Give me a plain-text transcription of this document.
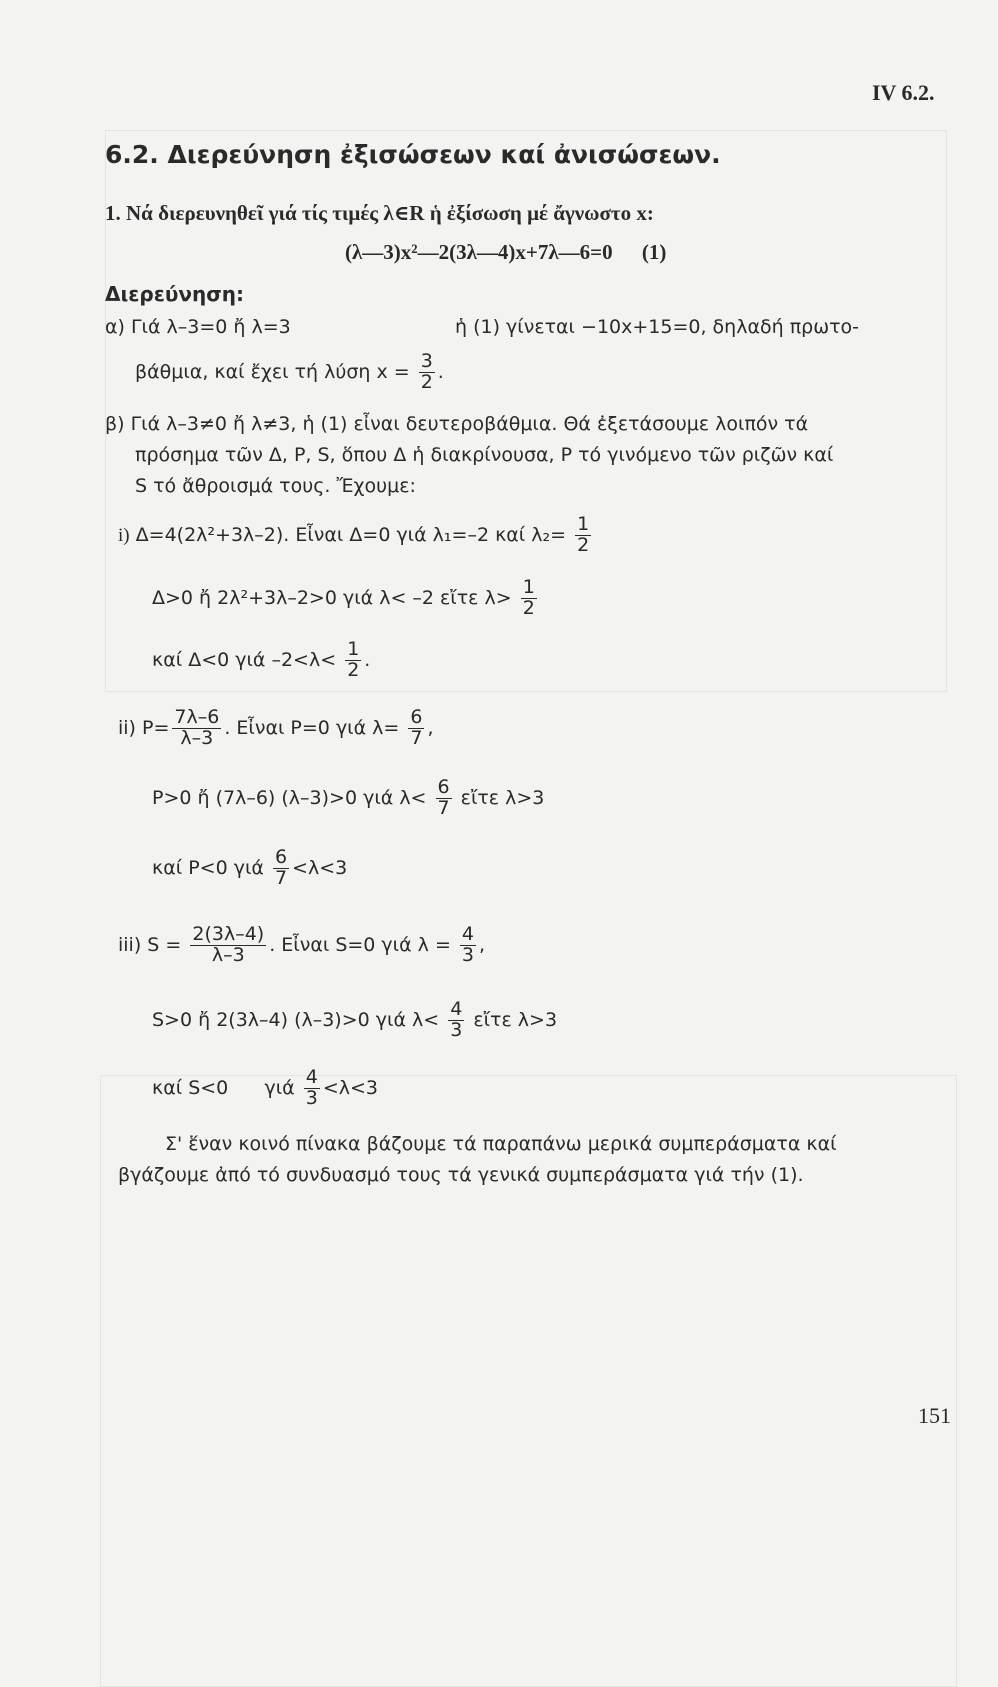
IV 6.2.
6.2. Διερεύνηση ἐξισώσεων καί ἀνισώσεων.
1. Νά διερευνηθεῖ γιά τίς τιμές λ∈R ἡ ἐξίσωση μέ ἄγνωστο x:
(λ—3)x²—2(3λ—4)x+7λ—6=0 (1)
Διερεύνηση:
α) Γιά λ–3=0 ἤ λ=3	ἡ (1) γίνεται −10x+15=0, δηλαδή πρωτο-
βάθμια, καί ἔχει τή λύση $x = \frac{3}{2}$ .
β) Γιά λ–3≠0 ἤ λ≠3, ἡ (1) εἶναι δευτεροβάθμια. Θά ἐξετάσουμε λοιπόν τά
πρόσημα τῶν Δ, P, S, ὅπου Δ ἡ διακρίνουσα, P τό γινόμενο τῶν ριζῶν καί
S τό ἄθροισμά τους. Ἔχουμε:
i) Δ=4(2λ²+3λ–2). Εἶναι Δ=0 γιά λ₁=–2 καί $\lambda_2= \frac{1}{2}$
Δ>0 ἤ 2λ²+3λ–2>0 γιά λ< –2 εἴτε $\lambda> \frac{1}{2}$
καί Δ<0 γιά $-2<\lambda< \frac{1}{2}$ .
ii) $P= \frac{7\lambda-6}{\lambda-3}$ . Εἶναι P=0 γιά $\lambda= \frac{6}{7}$ ,
P>0 ἤ (7λ–6) (λ–3)>0 γιά $\lambda< \frac{6}{7}$ εἴτε λ>3
καί P<0 γιά $\frac{6}{7} <\lambda<3$
iii) $S = \frac{2(3\lambda-4)}{\lambda-3}$ . Εἶναι S=0 γιά $\lambda = \frac{4}{3}$ ,
S>0 ἤ 2(3λ–4) (λ–3)>0 γιά $\lambda< \frac{4}{3}$ εἴτε λ>3
καί S<0      γιά $\frac{4}{3} <\lambda<3$
Σ' ἕναν κοινό πίνακα βάζουμε τά παραπάνω μερικά συμπεράσματα καί
βγάζουμε ἀπό τό συνδυασμό τους τά γενικά συμπεράσματα γιά τήν (1).
151
